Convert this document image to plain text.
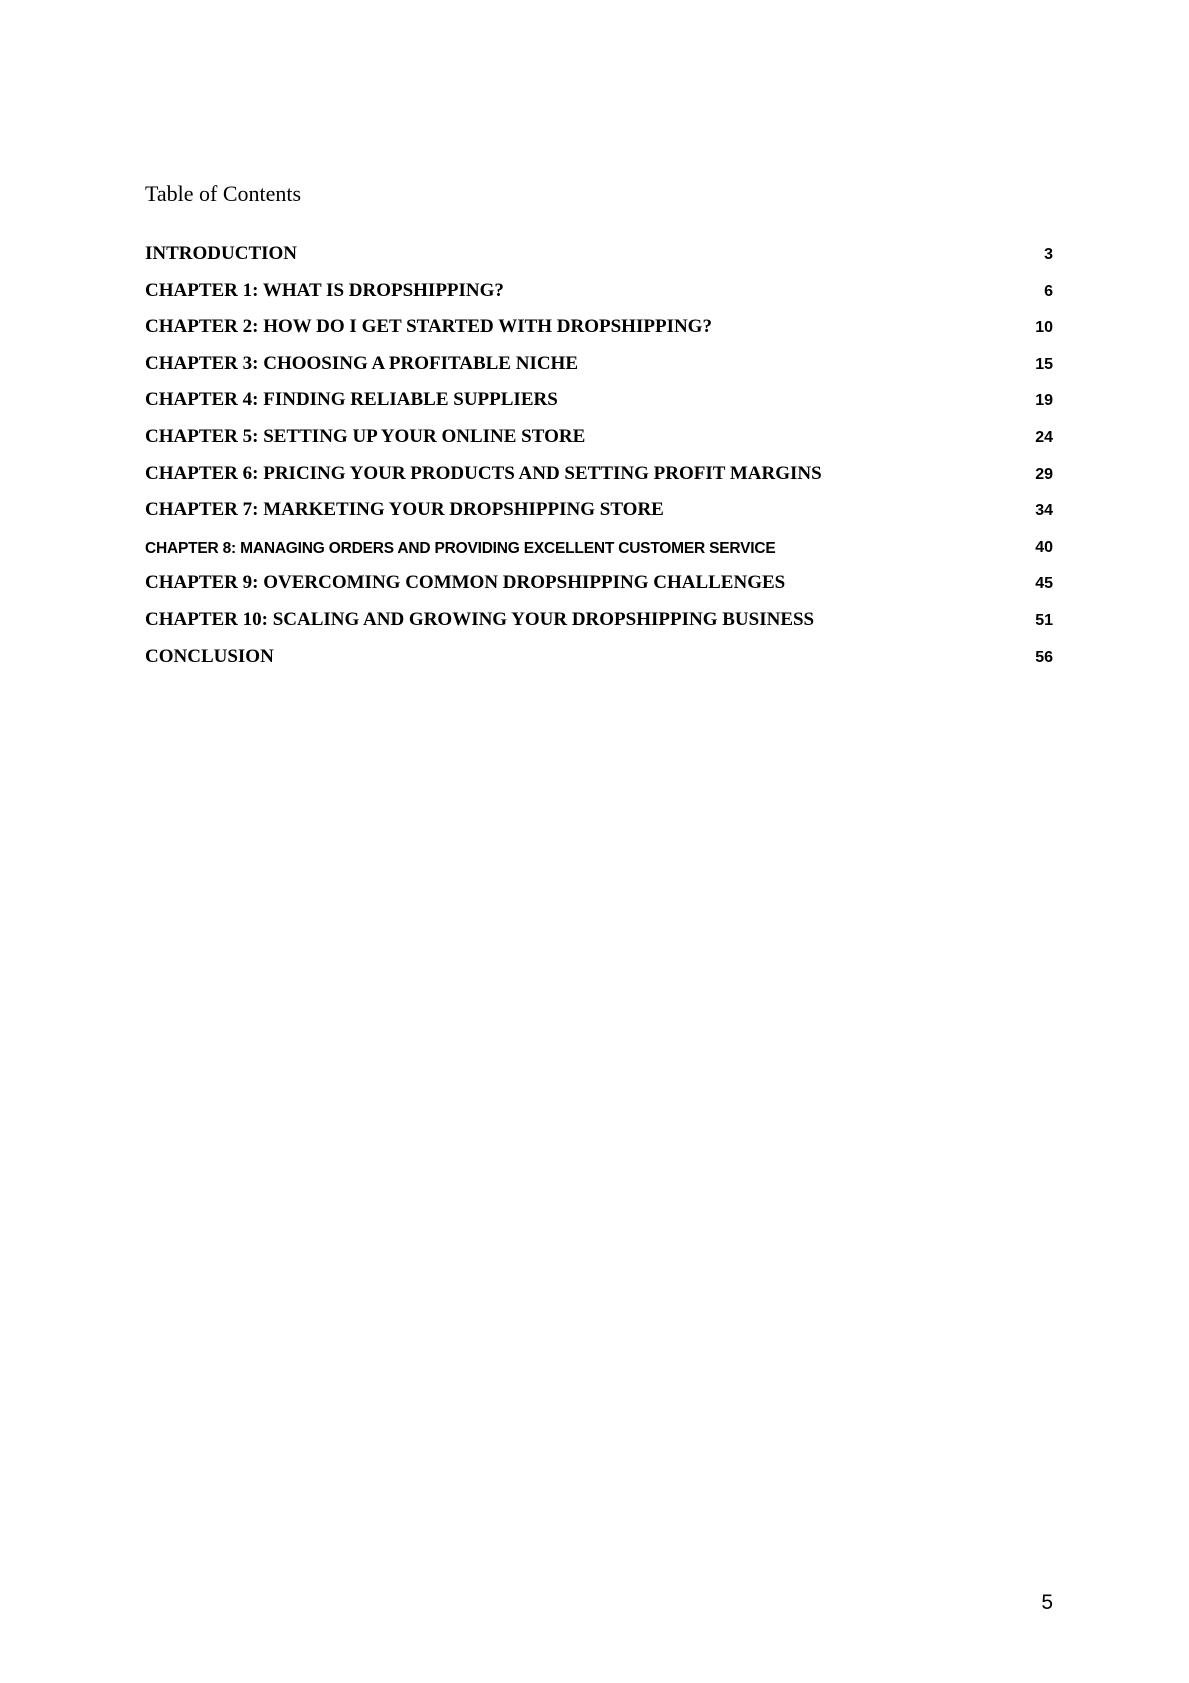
Table of Contents
INTRODUCTION	3
CHAPTER 1: WHAT IS DROPSHIPPING?	6
CHAPTER 2: HOW DO I GET STARTED WITH DROPSHIPPING?	10
CHAPTER 3: CHOOSING A PROFITABLE NICHE	15
CHAPTER 4: FINDING RELIABLE SUPPLIERS	19
CHAPTER 5: SETTING UP YOUR ONLINE STORE	24
CHAPTER 6: PRICING YOUR PRODUCTS AND SETTING PROFIT MARGINS	29
CHAPTER 7: MARKETING YOUR DROPSHIPPING STORE	34
CHAPTER 8: MANAGING ORDERS AND PROVIDING EXCELLENT CUSTOMER SERVICE	40
CHAPTER 9: OVERCOMING COMMON DROPSHIPPING CHALLENGES	45
CHAPTER 10: SCALING AND GROWING YOUR DROPSHIPPING BUSINESS	51
CONCLUSION	56
5
